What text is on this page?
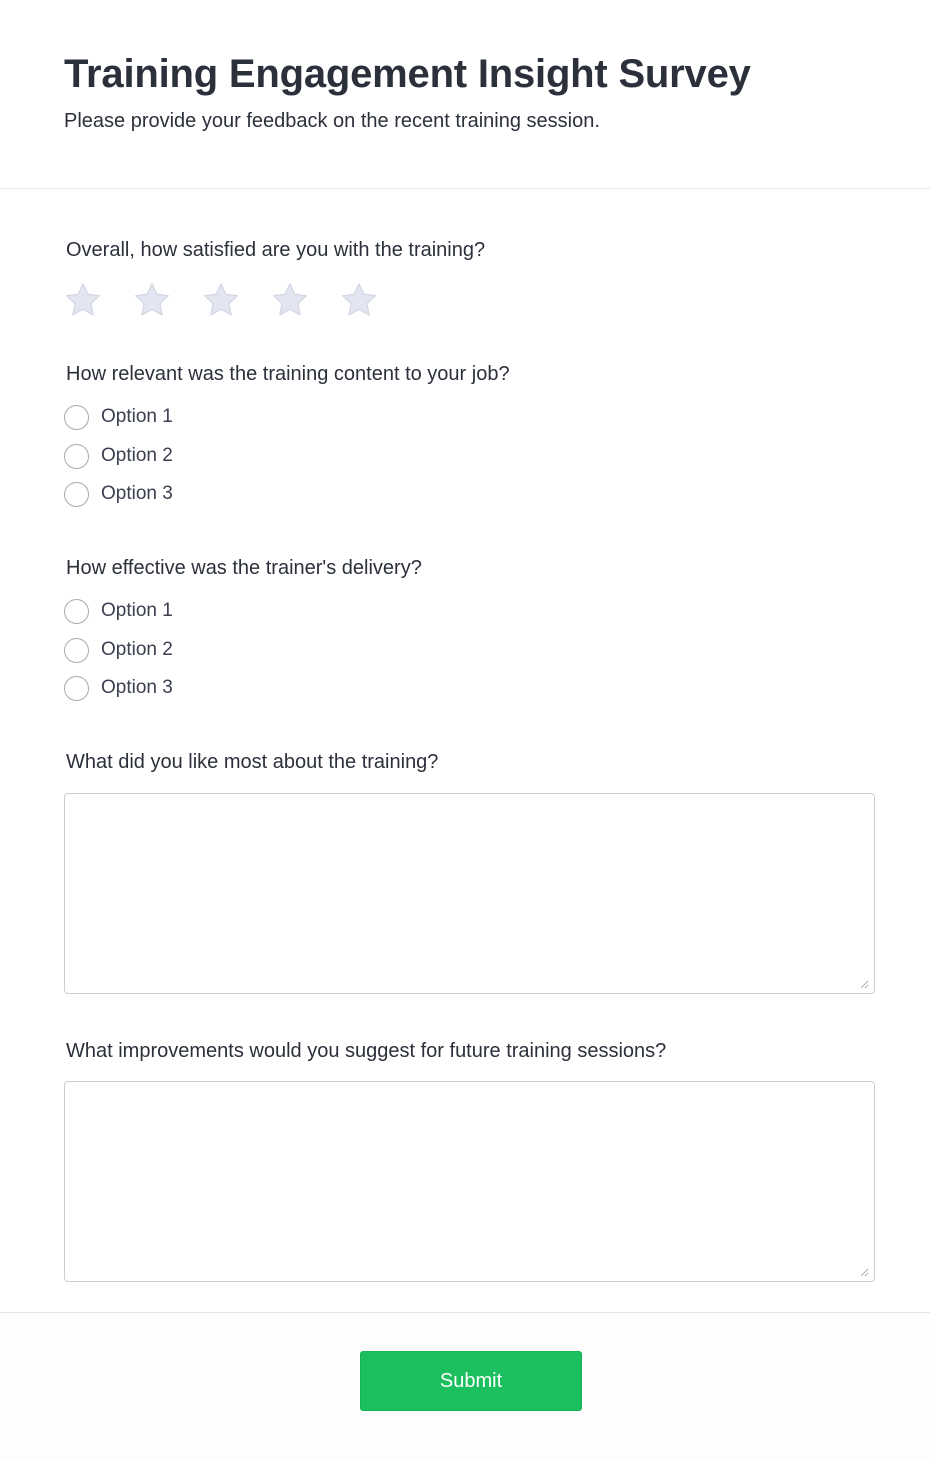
Training Engagement Insight Survey

Please provide your feedback on the recent training session.

Overall, how satisfied are you with the training?
How relevant was the training content to your job?
Option 1
Option 2
Option 3
How effective was the trainer's delivery?
Option 1
Option 2
Option 3
What did you like most about the training?
What improvements would you suggest for future training sessions?
Submit
